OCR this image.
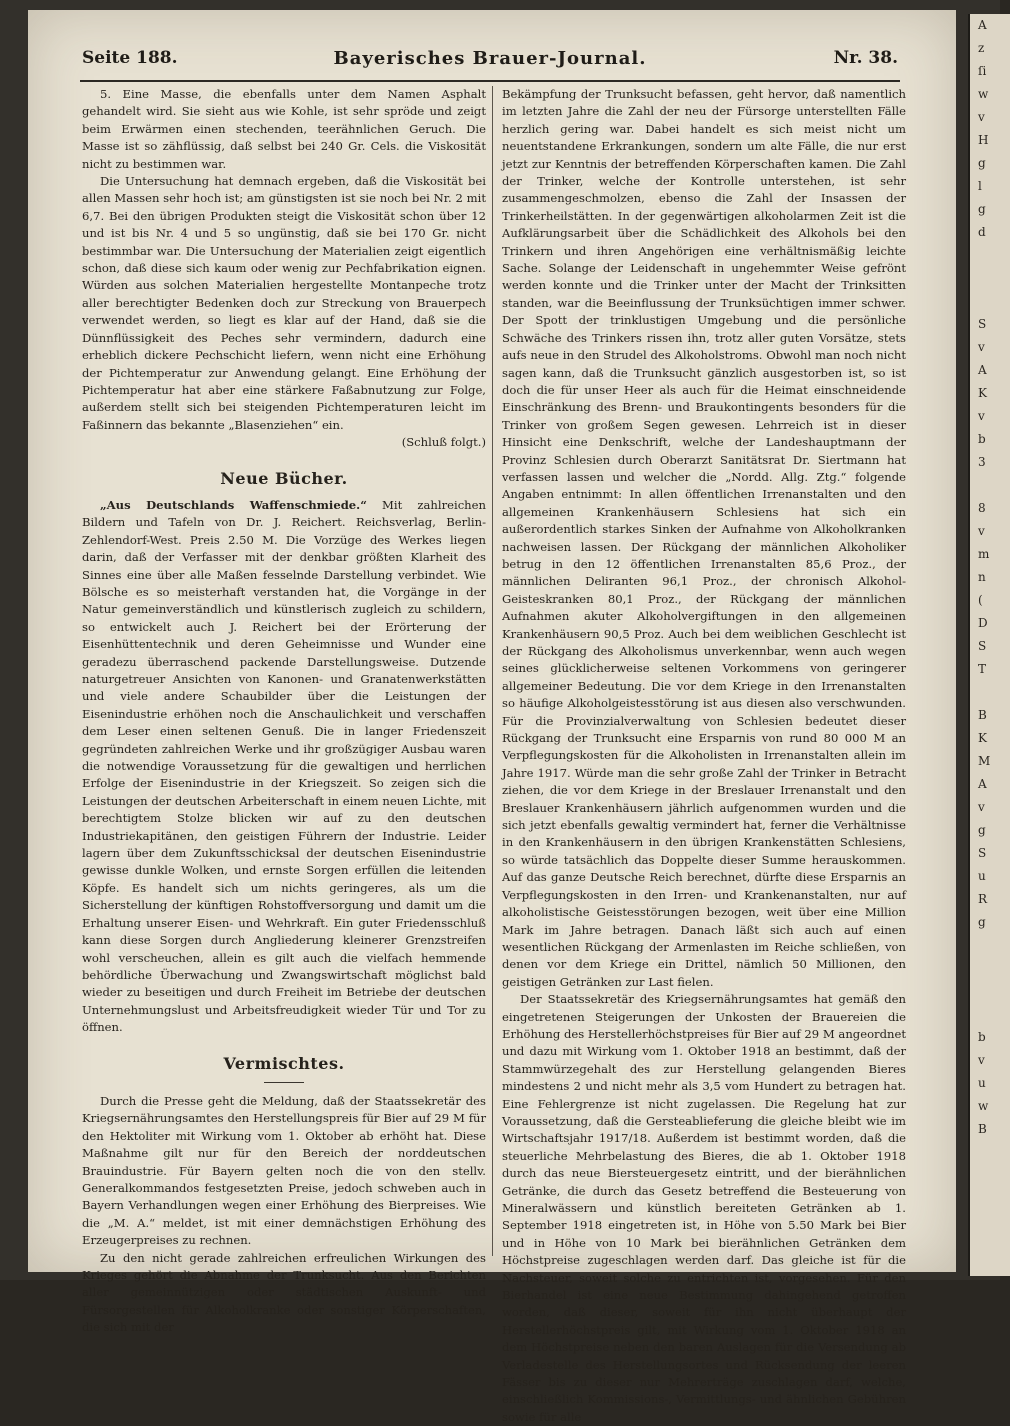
Seite 188.	Bayerisches Brauer-Journal.	Nr. 38.

5. Eine Masse, die ebenfalls unter dem Namen Asphalt gehandelt wird. Sie sieht aus wie Kohle, ist sehr spröde und zeigt beim Erwärmen einen stechenden, teerähnlichen Geruch. Die Masse ist so zähflüssig, daß selbst bei 240 Gr. Cels. die Viskosität nicht zu bestimmen war.

Die Untersuchung hat demnach ergeben, daß die Viskosität bei allen Massen sehr hoch ist; am günstigsten ist sie noch bei Nr. 2 mit 6,7. Bei den übrigen Produkten steigt die Viskosität schon über 12 und ist bis Nr. 4 und 5 so ungünstig, daß sie bei 170 Gr. nicht bestimmbar war. Die Untersuchung der Materialien zeigt eigentlich schon, daß diese sich kaum oder wenig zur Pechfabrikation eignen. Würden aus solchen Materialien hergestellte Montanpeche trotz aller berechtigter Bedenken doch zur Streckung von Brauerpech verwendet werden, so liegt es klar auf der Hand, daß sie die Dünnflüssigkeit des Peches sehr vermindern, dadurch eine erheblich dickere Pechschicht liefern, wenn nicht eine Erhöhung der Pichtemperatur zur Anwendung gelangt. Eine Erhöhung der Pichtemperatur hat aber eine stärkere Faßabnutzung zur Folge, außerdem stellt sich bei steigenden Pichtemperaturen leicht im Faßinnern das bekannte „Blasenziehen“ ein.

(Schluß folgt.)

Neue Bücher.

„Aus Deutschlands Waffenschmiede.“ Mit zahlreichen Bildern und Tafeln von Dr. J. Reichert. Reichsverlag, Berlin-Zehlendorf-West. Preis 2.50 M. Die Vorzüge des Werkes liegen darin, daß der Verfasser mit der denkbar größten Klarheit des Sinnes eine über alle Maßen fesselnde Darstellung verbindet. Wie Bölsche es so meisterhaft verstanden hat, die Vorgänge in der Natur gemeinverständlich und künstlerisch zugleich zu schildern, so entwickelt auch J. Reichert bei der Erörterung der Eisenhüttentechnik und deren Geheimnisse und Wunder eine geradezu überraschend packende Darstellungsweise. Dutzende naturgetreuer Ansichten von Kanonen- und Granatenwerkstätten und viele andere Schaubilder über die Leistungen der Eisenindustrie erhöhen noch die Anschaulichkeit und verschaffen dem Leser einen seltenen Genuß. Die in langer Friedenszeit gegründeten zahlreichen Werke und ihr großzügiger Ausbau waren die notwendige Voraussetzung für die gewaltigen und herrlichen Erfolge der Eisenindustrie in der Kriegszeit. So zeigen sich die Leistungen der deutschen Arbeiterschaft in einem neuen Lichte, mit berechtigtem Stolze blicken wir auf zu den deutschen Industriekapitänen, den geistigen Führern der Industrie. Leider lagern über dem Zukunftsschicksal der deutschen Eisenindustrie gewisse dunkle Wolken, und ernste Sorgen erfüllen die leitenden Köpfe. Es handelt sich um nichts geringeres, als um die Sicherstellung der künftigen Rohstoffversorgung und damit um die Erhaltung unserer Eisen- und Wehrkraft. Ein guter Friedensschluß kann diese Sorgen durch Angliederung kleinerer Grenzstreifen wohl verscheuchen, allein es gilt auch die vielfach hemmende behördliche Überwachung und Zwangswirtschaft möglichst bald wieder zu beseitigen und durch Freiheit im Betriebe der deutschen Unternehmungslust und Arbeitsfreudigkeit wieder Tür und Tor zu öffnen.

Vermischtes.

Durch die Presse geht die Meldung, daß der Staatssekretär des Kriegsernährungsamtes den Herstellungspreis für Bier auf 29 M für den Hektoliter mit Wirkung vom 1. Oktober ab erhöht hat. Diese Maßnahme gilt nur für den Bereich der norddeutschen Brauindustrie. Für Bayern gelten noch die von den stellv. Generalkommandos festgesetzten Preise, jedoch schweben auch in Bayern Verhandlungen wegen einer Erhöhung des Bierpreises. Wie die „M. A.“ meldet, ist mit einer demnächstigen Erhöhung des Erzeugerpreises zu rechnen.

Zu den nicht gerade zahlreichen erfreulichen Wirkungen des Krieges gehört die Abnahme der Trunksucht. Aus den Berichten aller gemeinnützigen oder städtischen Auskunft- und Fürsorgestellen für Alkoholkranke oder sonstiger Körperschaften, die sich mit der

Bekämpfung der Trunksucht befassen, geht hervor, daß namentlich im letzten Jahre die Zahl der neu der Fürsorge unterstellten Fälle herzlich gering war. Dabei handelt es sich meist nicht um neuentstandene Erkrankungen, sondern um alte Fälle, die nur erst jetzt zur Kenntnis der betreffenden Körperschaften kamen. Die Zahl der Trinker, welche der Kontrolle unterstehen, ist sehr zusammengeschmolzen, ebenso die Zahl der Insassen der Trinkerheilstätten. In der gegenwärtigen alkoholarmen Zeit ist die Aufklärungsarbeit über die Schädlichkeit des Alkohols bei den Trinkern und ihren Angehörigen eine verhältnismäßig leichte Sache. Solange der Leidenschaft in ungehemmter Weise gefrönt werden konnte und die Trinker unter der Macht der Trinksitten standen, war die Beeinflussung der Trunksüchtigen immer schwer. Der Spott der trinklustigen Umgebung und die persönliche Schwäche des Trinkers rissen ihn, trotz aller guten Vorsätze, stets aufs neue in den Strudel des Alkoholstroms. Obwohl man noch nicht sagen kann, daß die Trunksucht gänzlich ausgestorben ist, so ist doch die für unser Heer als auch für die Heimat einschneidende Einschränkung des Brenn- und Braukontingents besonders für die Trinker von großem Segen gewesen. Lehrreich ist in dieser Hinsicht eine Denkschrift, welche der Landeshauptmann der Provinz Schlesien durch Oberarzt Sanitätsrat Dr. Siertmann hat verfassen lassen und welcher die „Nordd. Allg. Ztg.“ folgende Angaben entnimmt: In allen öffentlichen Irrenanstalten und den allgemeinen Krankenhäusern Schlesiens hat sich ein außerordentlich starkes Sinken der Aufnahme von Alkoholkranken nachweisen lassen. Der Rückgang der männlichen Alkoholiker betrug in den 12 öffentlichen Irrenanstalten 85,6 Proz., der männlichen Deliranten 96,1 Proz., der chronisch Alkohol-Geisteskranken 80,1 Proz., der Rückgang der männlichen Aufnahmen akuter Alkoholvergiftungen in den allgemeinen Krankenhäusern 90,5 Proz. Auch bei dem weiblichen Geschlecht ist der Rückgang des Alkoholismus unverkennbar, wenn auch wegen seines glücklicherweise seltenen Vorkommens von geringerer allgemeiner Bedeutung. Die vor dem Kriege in den Irrenanstalten so häufige Alkoholgeistesstörung ist aus diesen also verschwunden. Für die Provinzialverwaltung von Schlesien bedeutet dieser Rückgang der Trunksucht eine Ersparnis von rund 80 000 M an Verpflegungskosten für die Alkoholisten in Irrenanstalten allein im Jahre 1917. Würde man die sehr große Zahl der Trinker in Betracht ziehen, die vor dem Kriege in der Breslauer Irrenanstalt und den Breslauer Krankenhäusern jährlich aufgenommen wurden und die sich jetzt ebenfalls gewaltig vermindert hat, ferner die Verhältnisse in den Krankenhäusern in den übrigen Krankenstätten Schlesiens, so würde tatsächlich das Doppelte dieser Summe herauskommen. Auf das ganze Deutsche Reich berechnet, dürfte diese Ersparnis an Verpflegungskosten in den Irren- und Krankenanstalten, nur auf alkoholistische Geistesstörungen bezogen, weit über eine Million Mark im Jahre betragen. Danach läßt sich auch auf einen wesentlichen Rückgang der Armenlasten im Reiche schließen, von denen vor dem Kriege ein Drittel, nämlich 50 Millionen, den geistigen Getränken zur Last fielen.

Der Staatssekretär des Kriegsernährungsamtes hat gemäß den eingetretenen Steigerungen der Unkosten der Brauereien die Erhöhung des Herstellerhöchstpreises für Bier auf 29 M angeordnet und dazu mit Wirkung vom 1. Oktober 1918 an bestimmt, daß der Stammwürzegehalt des zur Herstellung gelangenden Bieres mindestens 2 und nicht mehr als 3,5 vom Hundert zu betragen hat. Eine Fehlergrenze ist nicht zugelassen. Die Regelung hat zur Voraussetzung, daß die Gersteablieferung die gleiche bleibt wie im Wirtschaftsjahr 1917/18. Außerdem ist bestimmt worden, daß die steuerliche Mehrbelastung des Bieres, die ab 1. Oktober 1918 durch das neue Biersteuergesetz eintritt, und der bierähnlichen Getränke, die durch das Gesetz betreffend die Besteuerung von Mineralwässern und künstlich bereiteten Getränken ab 1. September 1918 eingetreten ist, in Höhe von 5.50 Mark bei Bier und in Höhe von 10 Mark bei bierähnlichen Getränken dem Höchstpreise zugeschlagen werden darf. Das gleiche ist für die Nachsteuer, soweit solche zu entrichten ist, vorgesehen. Für den Bierhandel ist eine neue Bestimmung dahingehend getroffen worden, daß dieser, soweit für ihn nicht überhaupt der Herstellerhöchstpreis gilt, mit Wirkung vom 1. Oktober 1918 an dem Höchstpreise neben den baren Auslagen für die Versendung ab Verladestelle des Herstellungsortes und Rücksendung der leeren Fässer bis zu dieser nur Mehrerträge zuschlagen darf, welche, einschließlich Kommissions-, Vermittlungs- und ähnlichen Gebühren sowie für alle

A
z
ſi
w
v
H
g
l
g
d

S
v
A
K
v
b
3

8
v
m
n
(
D
S
T

B
K
M
A
v
g
S
u
R
g

b
v
u
w
B
